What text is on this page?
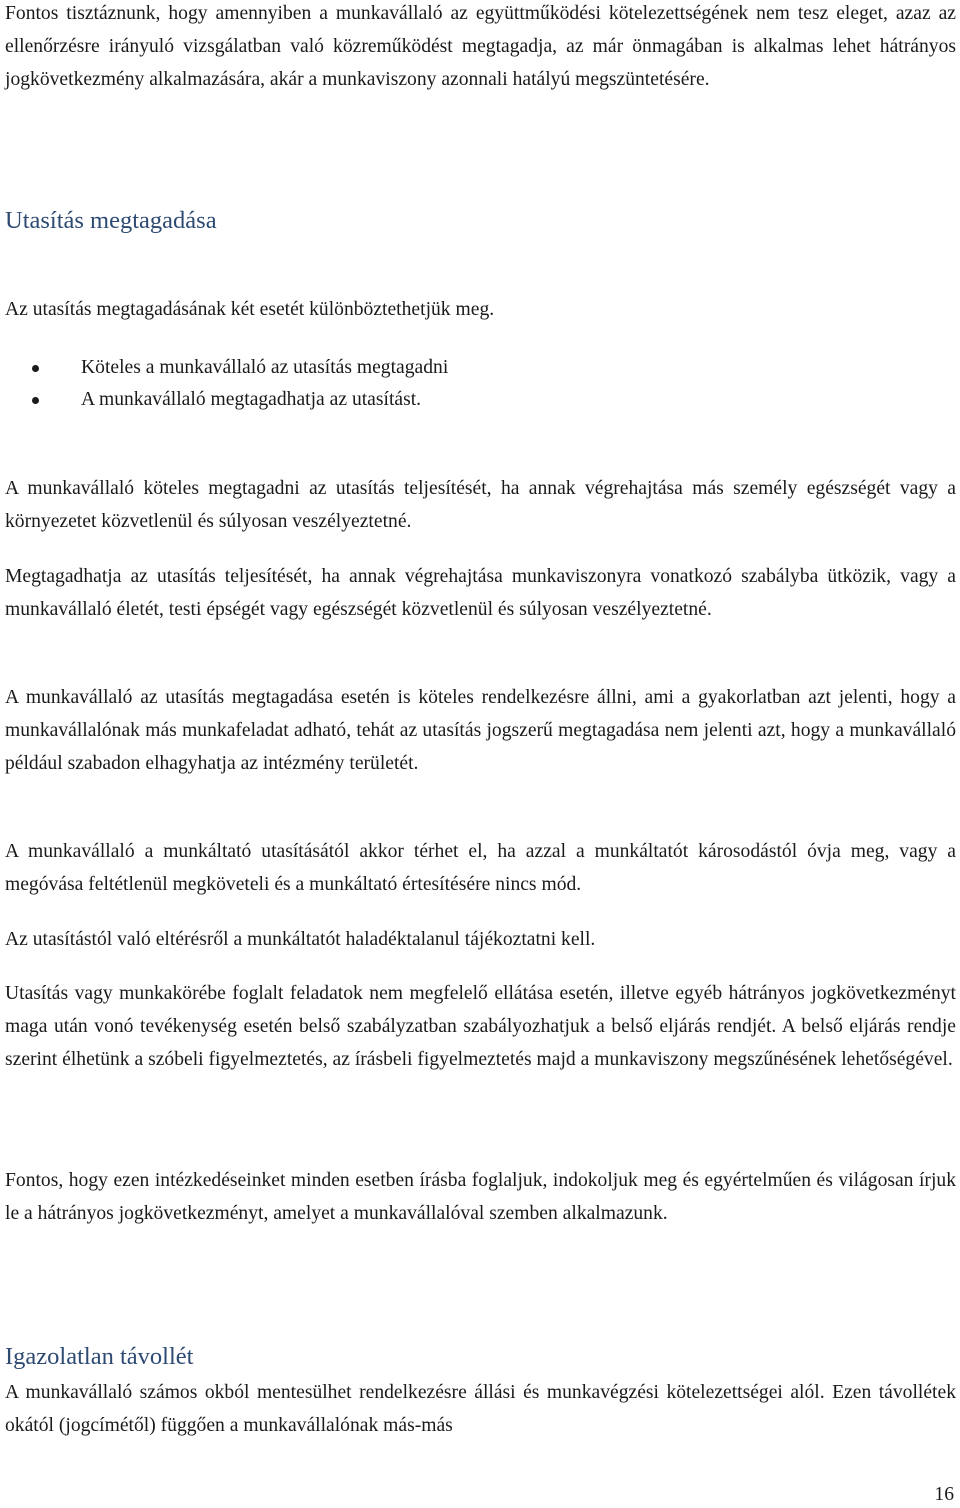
Fontos tisztáznunk, hogy amennyiben a munkavállaló az együttműködési kötelezettségének nem tesz eleget, azaz az ellenőrzésre irányuló vizsgálatban való közreműködést megtagadja, az már önmagában is alkalmas lehet hátrányos jogkövetkezmény alkalmazására, akár a munkaviszony azonnali hatályú megszüntetésére.

Utasítás megtagadása

Az utasítás megtagadásának két esetét különböztethetjük meg.

Köteles a munkavállaló az utasítás megtagadni
A munkavállaló megtagadhatja az utasítást.

A munkavállaló köteles megtagadni az utasítás teljesítését, ha annak végrehajtása más személy egészségét vagy a környezetet közvetlenül és súlyosan veszélyeztetné.

Megtagadhatja az utasítás teljesítését, ha annak végrehajtása munkaviszonyra vonatkozó szabályba ütközik, vagy a munkavállaló életét, testi épségét vagy egészségét közvetlenül és súlyosan veszélyeztetné.

A munkavállaló az utasítás megtagadása esetén is köteles rendelkezésre állni, ami a gyakorlatban azt jelenti, hogy a munkavállalónak más munkafeladat adható, tehát az utasítás jogszerű megtagadása nem jelenti azt, hogy a munkavállaló például szabadon elhagyhatja az intézmény területét.

A munkavállaló a munkáltató utasításától akkor térhet el, ha azzal a munkáltatót károsodástól óvja meg, vagy a megóvása feltétlenül megköveteli és a munkáltató értesítésére nincs mód.

Az utasítástól való eltérésről a munkáltatót haladéktalanul tájékoztatni kell.

Utasítás vagy munkakörébe foglalt feladatok nem megfelelő ellátása esetén, illetve egyéb hátrányos jogkövetkezményt maga után vonó tevékenység esetén belső szabályzatban szabályozhatjuk a belső eljárás rendjét. A belső eljárás rendje szerint élhetünk a szóbeli figyelmeztetés, az írásbeli figyelmeztetés majd a munkaviszony megszűnésének lehetőségével.

Fontos, hogy ezen intézkedéseinket minden esetben írásba foglaljuk, indokoljuk meg és egyértelműen és világosan írjuk le a hátrányos jogkövetkezményt, amelyet a munkavállalóval szemben alkalmazunk.

Igazolatlan távollét

A munkavállaló számos okból mentesülhet rendelkezésre állási és munkavégzési kötelezettségei alól. Ezen távollétek okától (jogcímétől) függően a munkavállalónak más-más

16
